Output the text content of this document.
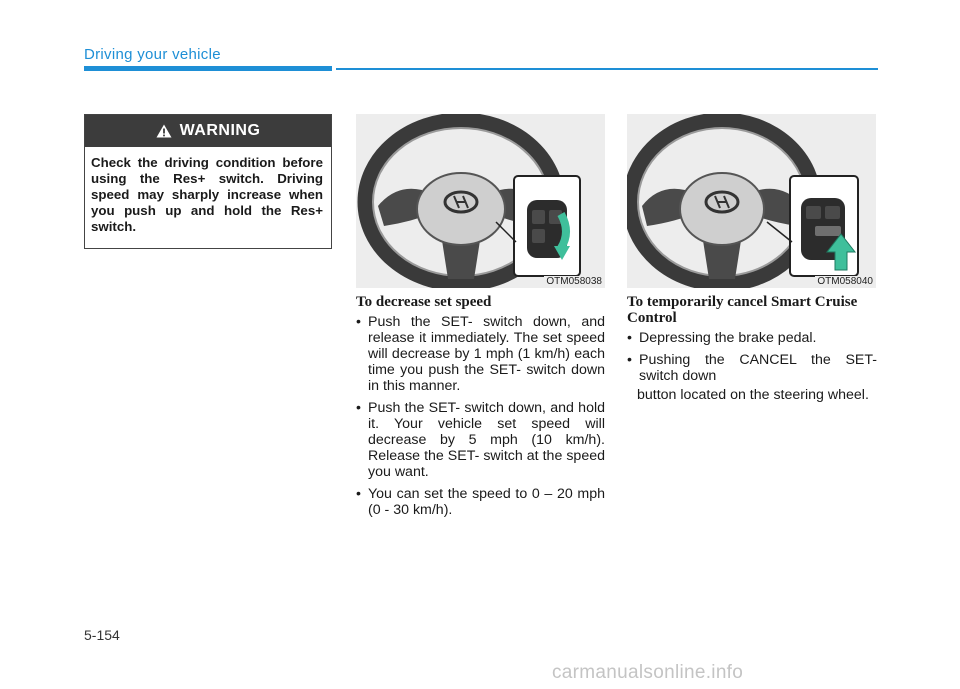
Driving your vehicle
WARNING
Check the driving condition before using the Res+ switch. Driving speed may sharply increase when you push up and hold the Res+ switch.
OTM058038	OTM058040
To decrease set speed
• Push the SET- switch down, and release it immediately. The set speed will decrease by 1 mph (1 km/h) each time you push the SET- switch down in this manner.
• Push the SET- switch down, and hold it. Your vehicle set speed will decrease by 5 mph (10 km/h). Release the SET- switch at the speed you want.
• You can set the speed to 0 – 20 mph (0 - 30 km/h).
To temporarily cancel Smart Cruise Control
• Depressing the brake pedal.
• Pushing the CANCEL the SET- switch down
button located on the steering wheel.
5-154
carmanualsonline.info
